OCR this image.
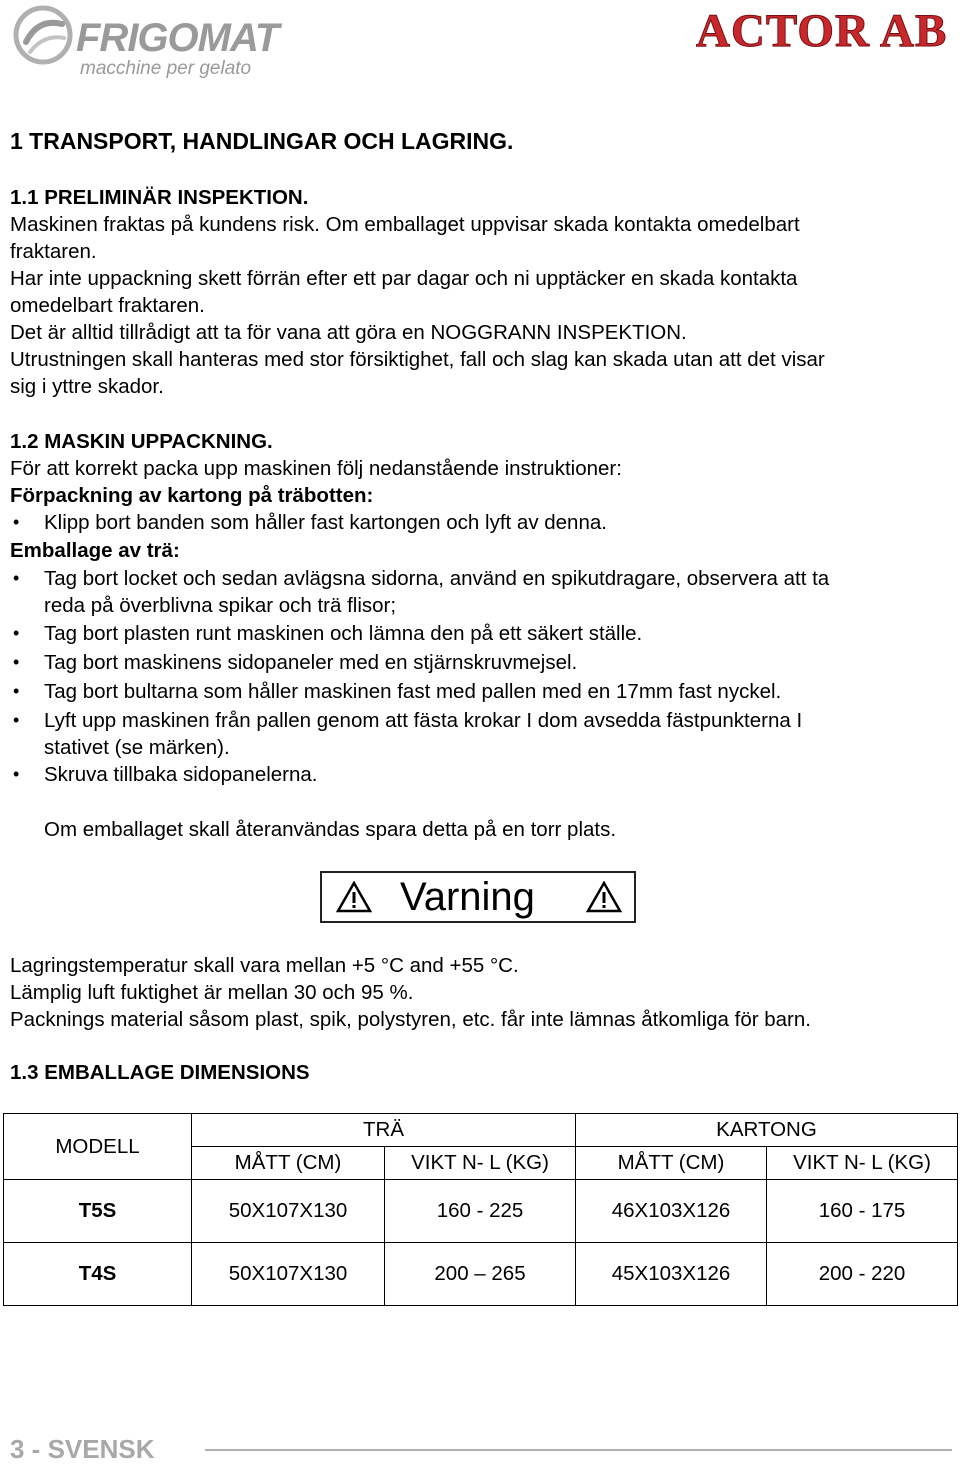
FRIGOMAT
macchine per gelato
ACTOR AB
1 TRANSPORT, HANDLINGAR OCH LAGRING.
1.1 PRELIMINÄR INSPEKTION.
Maskinen fraktas på kundens risk. Om emballaget uppvisar skada kontakta omedelbart
fraktaren.
Har inte uppackning skett förrän efter ett par dagar och ni upptäcker en skada kontakta
omedelbart fraktaren.
Det är alltid tillrådigt att ta för vana att göra en NOGGRANN INSPEKTION.
Utrustningen skall hanteras med stor försiktighet, fall och slag kan skada utan att det visar
sig i yttre skador.
1.2 MASKIN UPPACKNING.
För att korrekt packa upp maskinen följ nedanstående instruktioner:
Förpackning av kartong på träbotten:
• Klipp bort banden som håller fast kartongen och lyft av denna.
Emballage av trä:
• Tag bort locket och sedan avlägsna sidorna, använd en spikutdragare, observera att ta
reda på överblivna spikar och trä flisor;
• Tag bort plasten runt maskinen och lämna den på ett säkert ställe.
• Tag bort maskinens sidopaneler med en stjärnskruvmejsel.
• Tag bort bultarna som håller maskinen fast med pallen med en 17mm fast nyckel.
• Lyft upp maskinen från pallen genom att fästa krokar I dom avsedda fästpunkterna I
stativet (se märken).
• Skruva tillbaka sidopanelerna.
Om emballaget skall återanvändas spara detta på en torr plats.
Varning
Lagringstemperatur skall vara mellan +5 °C and +55 °C.
Lämplig luft fuktighet är mellan 30 och 95 %.
Packnings material såsom plast, spik, polystyren, etc. får inte lämnas åtkomliga för barn.
1.3 EMBALLAGE DIMENSIONS
MODELL	TRÄ		KARTONG	
	MÅTT (CM)	VIKT N- L (KG)	MÅTT (CM)	VIKT N- L (KG)
T5S	50X107X130	160 - 225	46X103X126	160 - 175
T4S	50X107X130	200 – 265	45X103X126	200 - 220
3 - SVENSK
